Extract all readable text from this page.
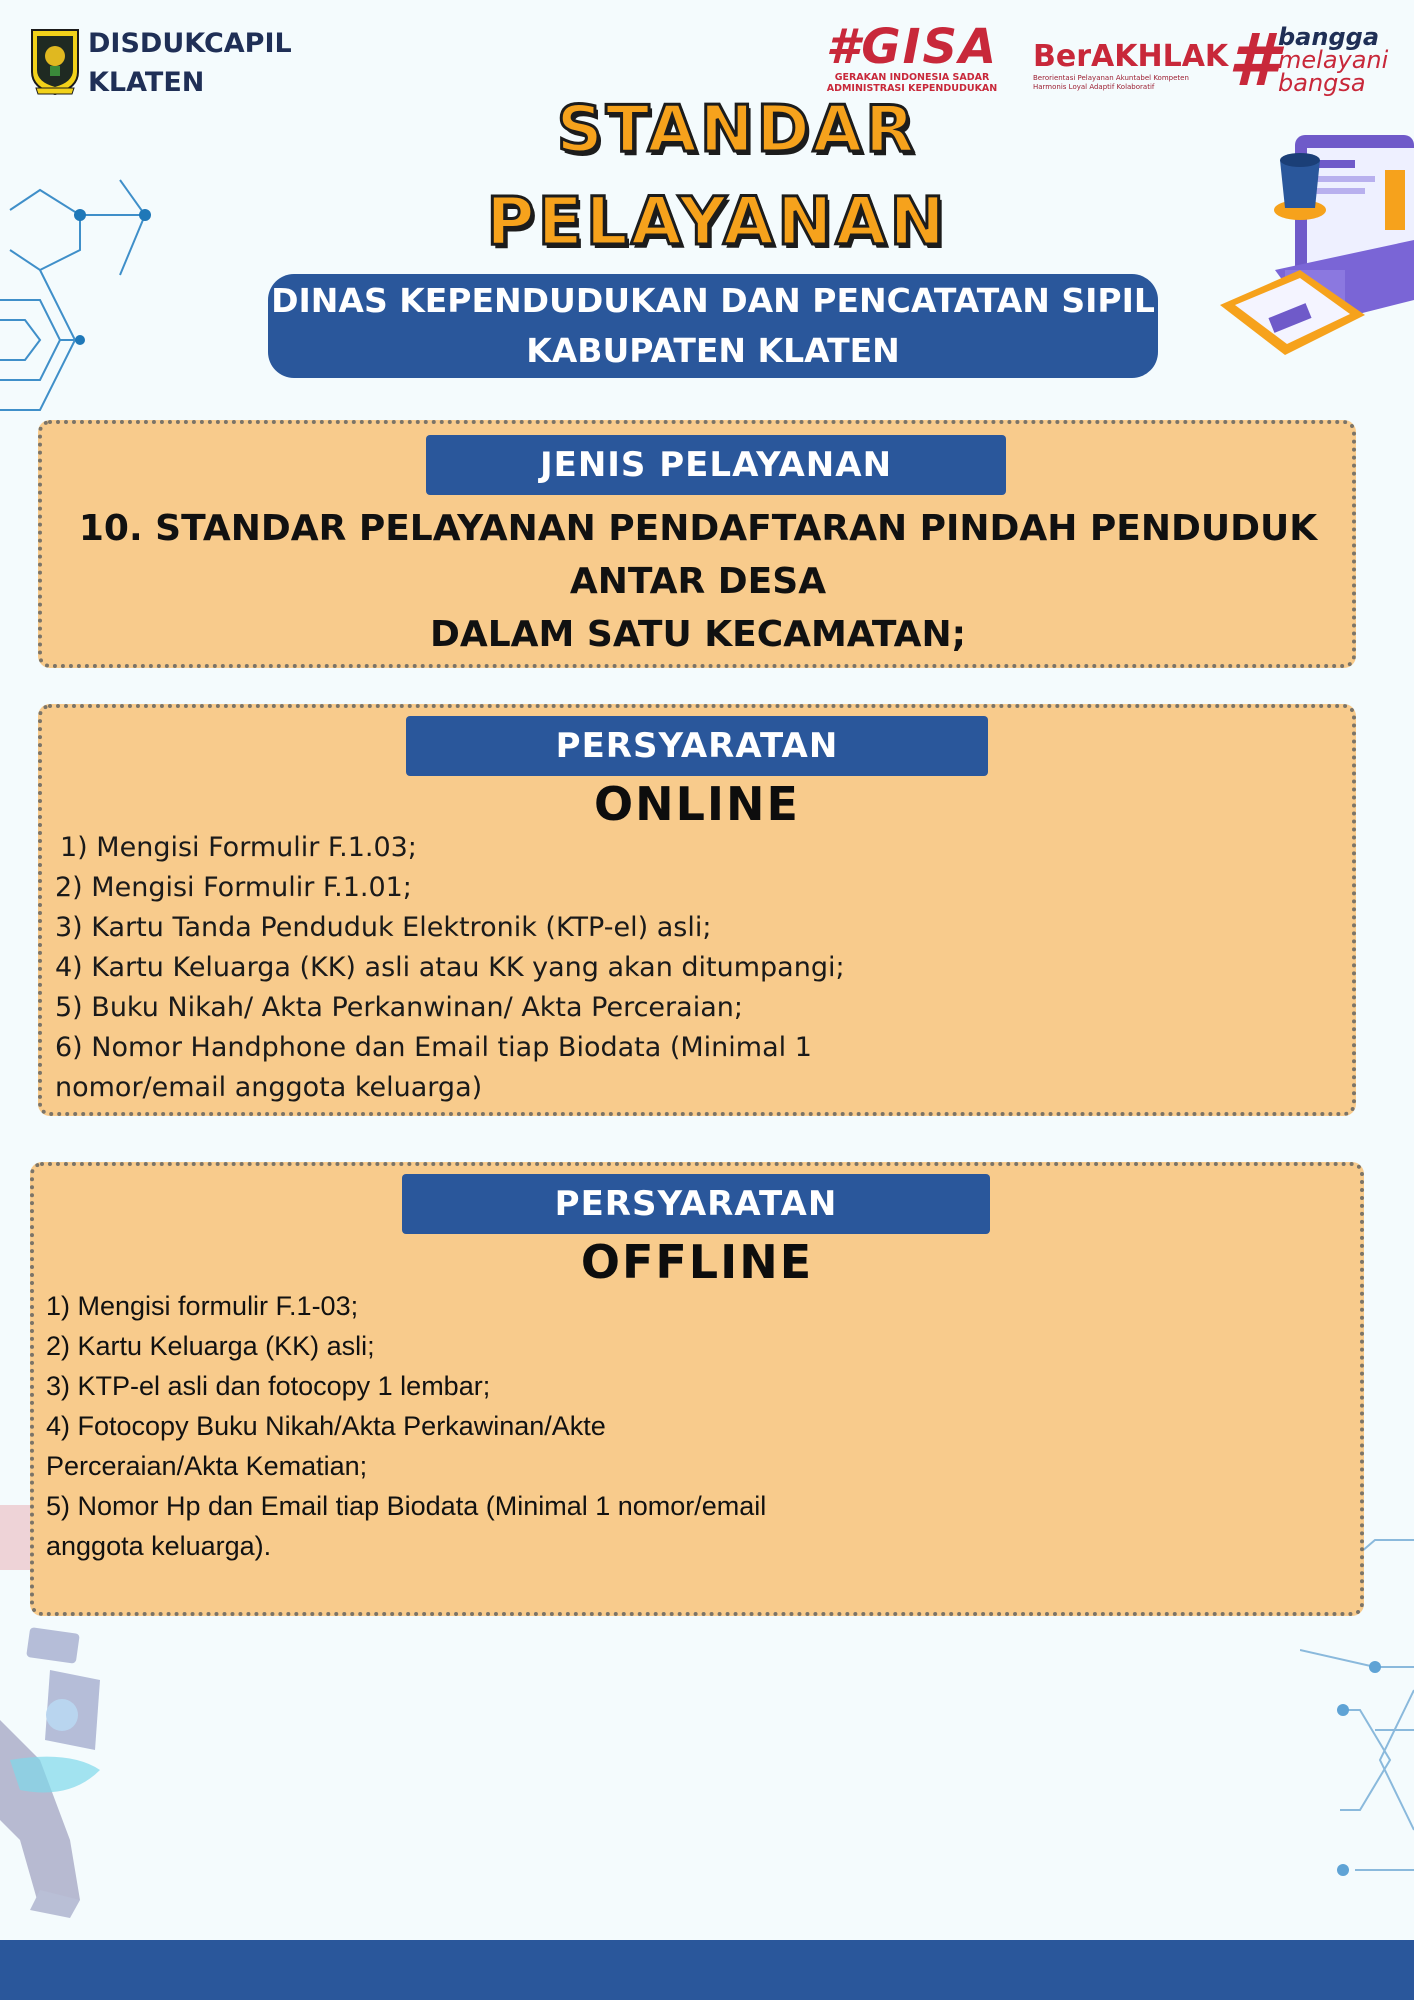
DISDUKCAPIL
KLATEN
#GISA
GERAKAN INDONESIA SADAR
ADMINISTRASI KEPENDUDUKAN
BerAKHLAK
Berorientasi Pelayanan Akuntabel Kompeten
Harmonis Loyal Adaptif Kolaboratif	# bangga
melayani
bangsa
STANDAR
PELAYANAN
DINAS KEPENDUDUKAN DAN PENCATATAN SIPIL
KABUPATEN KLATEN
JENIS PELAYANAN
10. STANDAR PELAYANAN PENDAFTARAN PINDAH PENDUDUK
ANTAR DESA
DALAM SATU KECAMATAN;
PERSYARATAN
ONLINE
1) Mengisi Formulir F.1.03;
2) Mengisi Formulir F.1.01;
3) Kartu Tanda Penduduk Elektronik (KTP-el) asli;
4) Kartu Keluarga (KK) asli atau KK yang akan ditumpangi;
5) Buku Nikah/ Akta Perkanwinan/ Akta Perceraian;
6) Nomor Handphone dan Email tiap Biodata (Minimal 1
nomor/email anggota keluarga)
PERSYARATAN
OFFLINE
1) Mengisi formulir F.1-03;
2) Kartu Keluarga (KK) asli;
3) KTP-el asli dan fotocopy 1 lembar;
4) Fotocopy Buku Nikah/Akta Perkawinan/Akte
Perceraian/Akta Kematian;
5) Nomor Hp dan Email tiap Biodata (Minimal 1 nomor/email
anggota keluarga).
